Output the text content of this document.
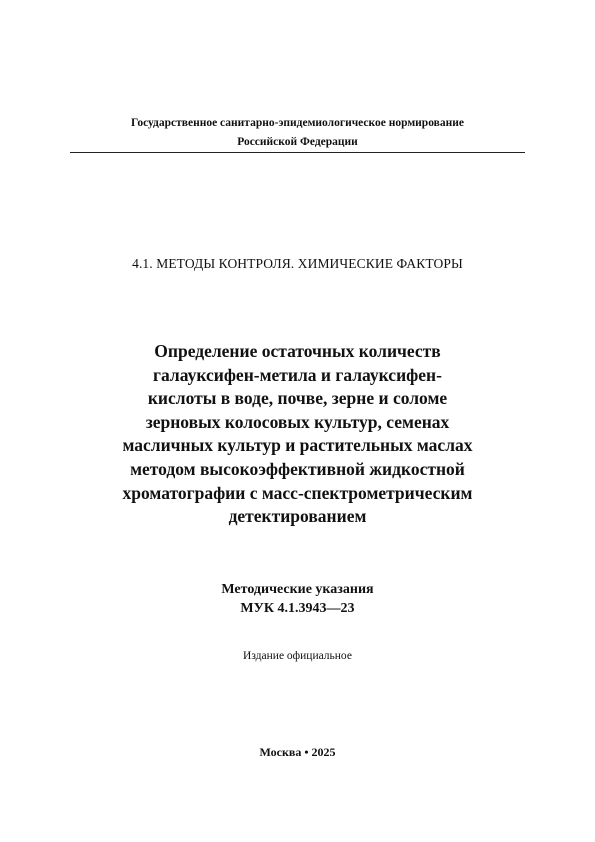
Государственное санитарно-эпидемиологическое нормирование
Российской Федерации
4.1. МЕТОДЫ КОНТРОЛЯ. ХИМИЧЕСКИЕ ФАКТОРЫ
Определение остаточных количеств
галауксифен-метила и галауксифен-
кислоты в воде, почве, зерне и соломе
зерновых колосовых культур, семенах
масличных культур и растительных маслах
методом высокоэффективной жидкостной
хроматографии с масс-спектрометрическим
детектированием
Методические указания
МУК 4.1.3943—23
Издание официальное
Москва • 2025
